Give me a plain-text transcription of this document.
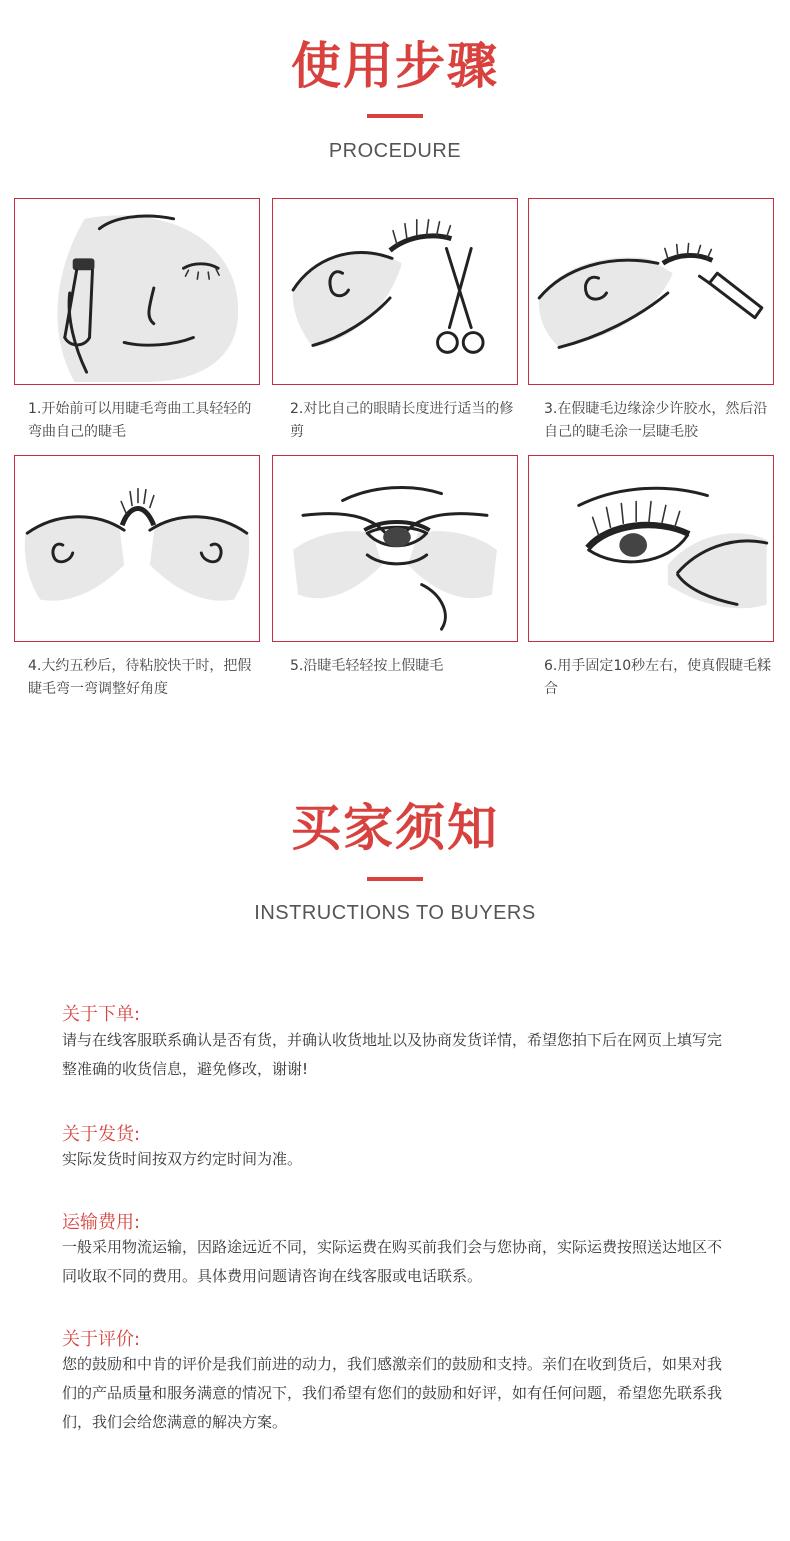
使用步骤
PROCEDURE
1.开始前可以用睫毛弯曲工具轻轻的弯曲自己的睫毛
2.对比自己的眼睛长度进行适当的修剪
3.在假睫毛边缘涂少许胶水，然后沿自己的睫毛涂一层睫毛胶
4.大约五秒后，待粘胶快干时，把假睫毛弯一弯调整好角度
5.沿睫毛轻轻按上假睫毛	6.用手固定10秒左右，使真假睫毛糅合
买家须知
INSTRUCTIONS TO BUYERS
关于下单:
请与在线客服联系确认是否有货，并确认收货地址以及协商发货详情，希望您拍下后在网页上填写完整准确的收货信息，避免修改，谢谢!
关于发货:
实际发货时间按双方约定时间为准。
运输费用:
一般采用物流运输，因路途远近不同，实际运费在购买前我们会与您协商，实际运费按照送达地区不同收取不同的费用。具体费用问题请咨询在线客服或电话联系。
关于评价:
您的鼓励和中肯的评价是我们前进的动力，我们感激亲们的鼓励和支持。亲们在收到货后，如果对我们的产品质量和服务满意的情况下，我们希望有您们的鼓励和好评，如有任何问题，希望您先联系我们，我们会给您满意的解决方案。
